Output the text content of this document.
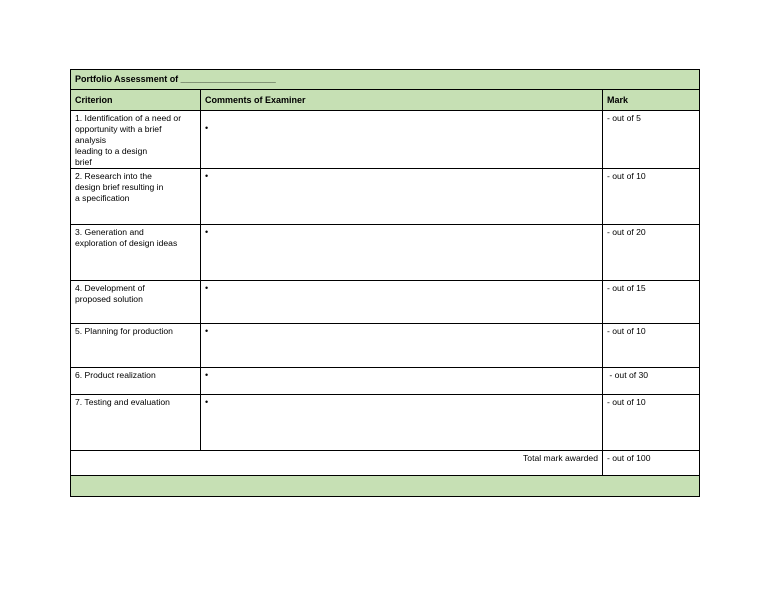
Portfolio Assessment of ___________________		
Criterion	Comments of Examiner	Mark
1. Identification of a need or
opportunity with a brief
analysis
leading to a design
brief	•	- out of 5
2. Research into the
design brief resulting in
a specification	•	- out of 10
3. Generation and
exploration of design ideas	•	- out of 20
4. Development of
proposed solution	•	- out of 15
5. Planning for production	•	- out of 10
6. Product realization	•	- out of 30
7. Testing and evaluation	•	- out of 10
Total mark awarded		- out of 100
